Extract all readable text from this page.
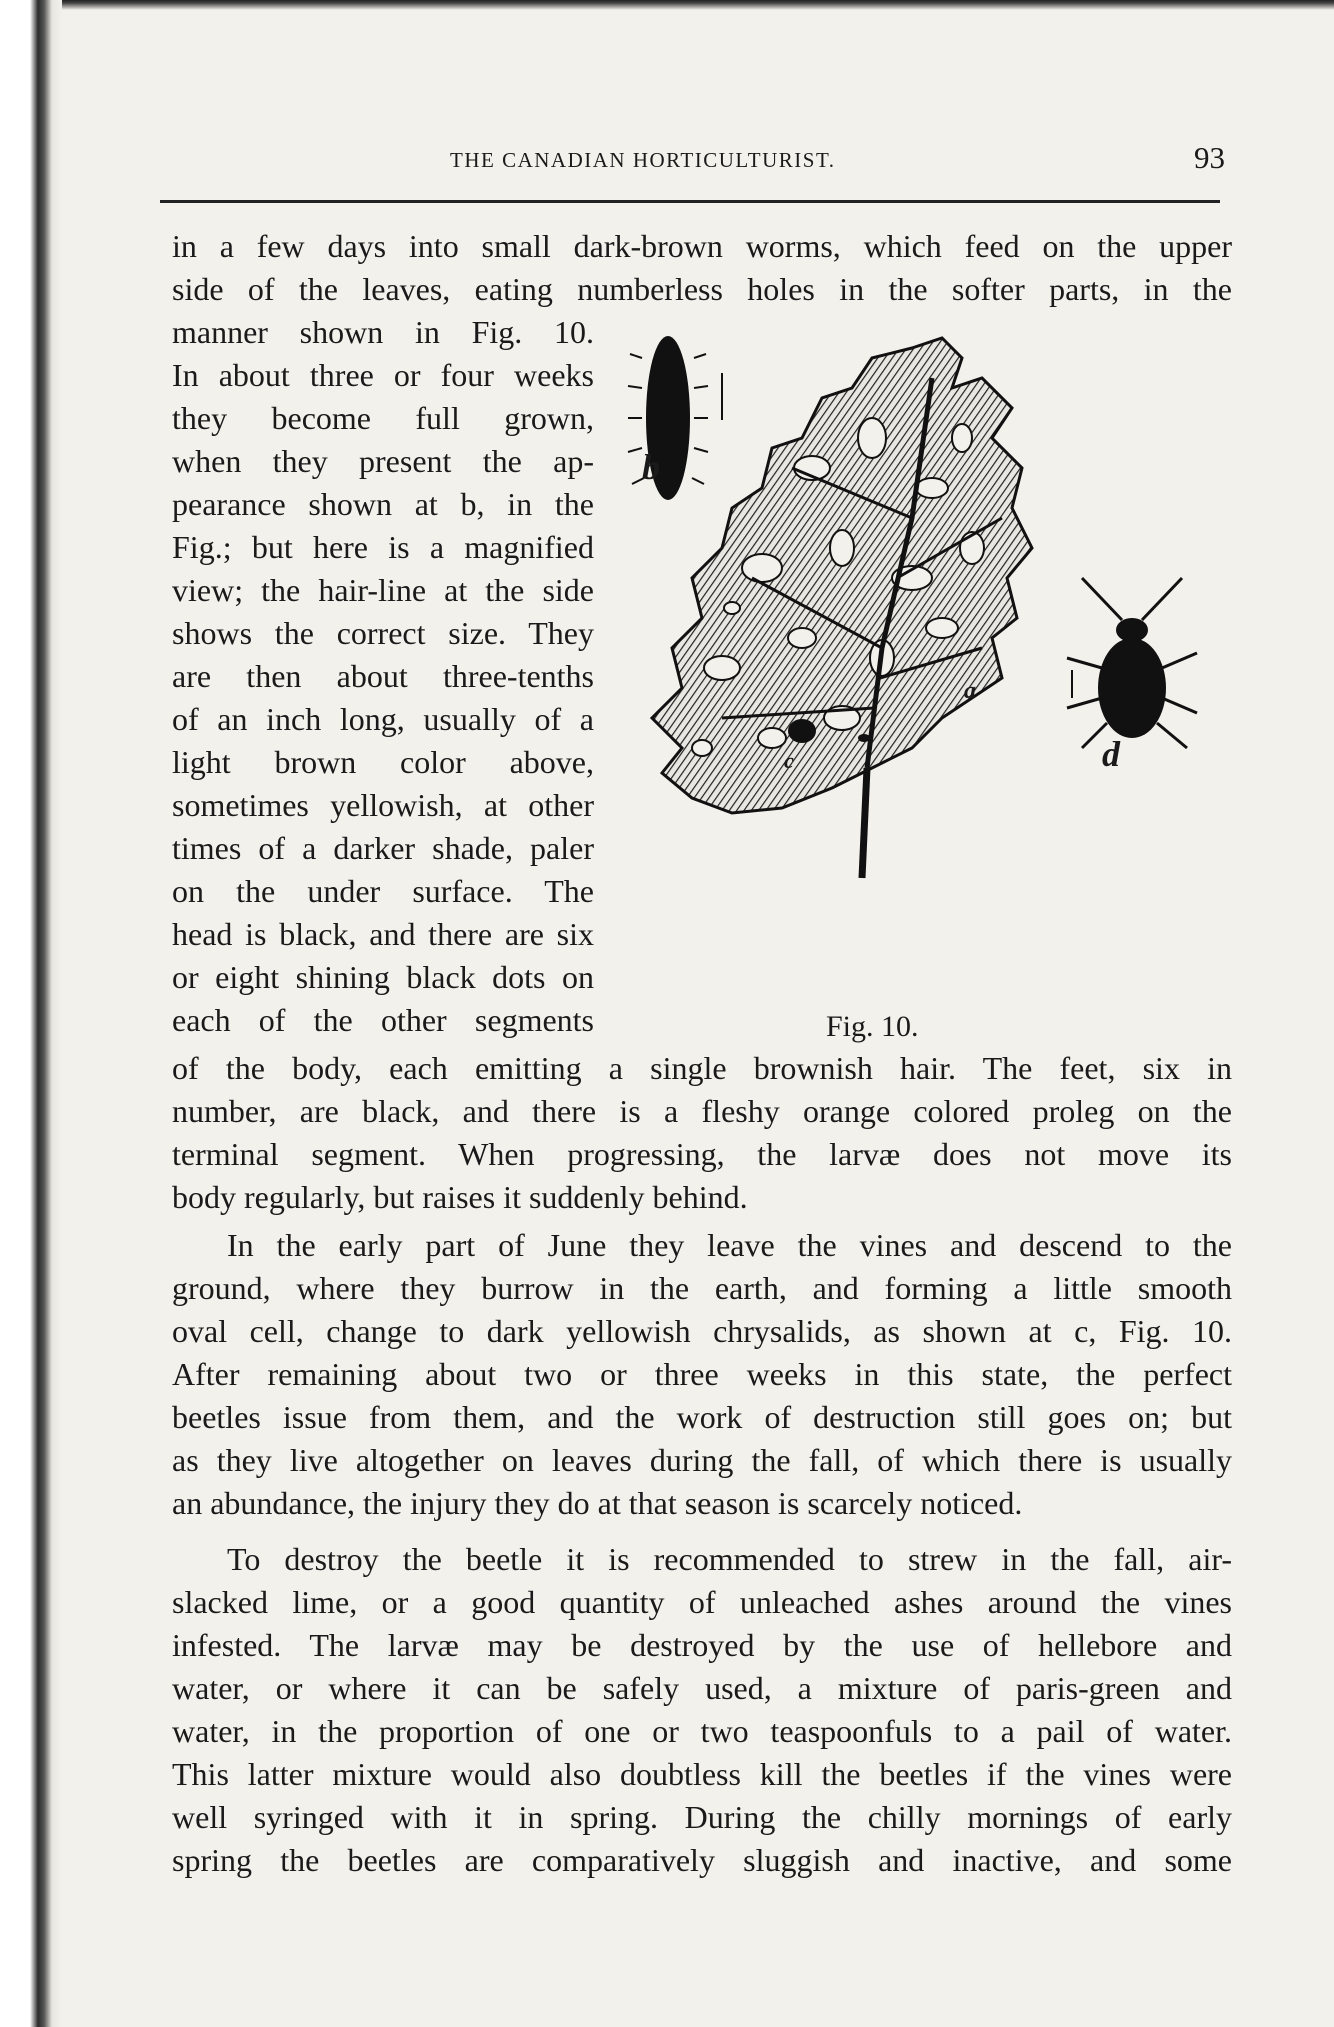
THE CANADIAN HORTICULTURIST.	93
in a few days into small dark-brown worms, which feed on the upper
side of the leaves, eating numberless holes in the softer parts, in the
manner shown in Fig. 10.
In about three or four weeks
they become full grown,
when they present the ap-
pearance shown at b, in the
Fig.; but here is a magnified
view; the hair-line at the side
shows the correct size. They
are then about three-tenths
of an inch long, usually of a
light brown color above,
sometimes yellowish, at other
times of a darker shade, paler
on the under surface. The
head is black, and there are six
or eight shining black dots on
each of the other segments
b
a
c	d
Fig. 10.
of the body, each emitting a single brownish hair. The feet, six in
number, are black, and there is a fleshy orange colored proleg on the
terminal segment. When progressing, the larvæ does not move its
body regularly, but raises it suddenly behind.
In the early part of June they leave the vines and descend to the
ground, where they burrow in the earth, and forming a little smooth
oval cell, change to dark yellowish chrysalids, as shown at c, Fig. 10.
After remaining about two or three weeks in this state, the perfect
beetles issue from them, and the work of destruction still goes on; but
as they live altogether on leaves during the fall, of which there is usually
an abundance, the injury they do at that season is scarcely noticed.
To destroy the beetle it is recommended to strew in the fall, air-
slacked lime, or a good quantity of unleached ashes around the vines
infested. The larvæ may be destroyed by the use of hellebore and
water, or where it can be safely used, a mixture of paris-green and
water, in the proportion of one or two teaspoonfuls to a pail of water.
This latter mixture would also doubtless kill the beetles if the vines were
well syringed with it in spring. During the chilly mornings of early
spring the beetles are comparatively sluggish and inactive, and some
